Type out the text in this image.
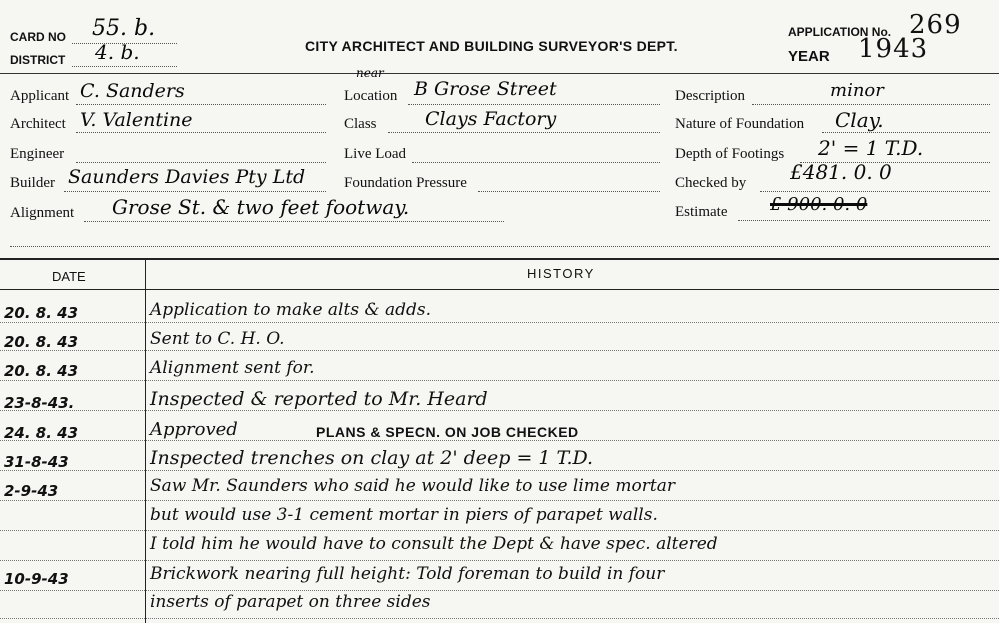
CARD NO 55. b.
DISTRICT 4. b.	CITY ARCHITECT AND BUILDING SURVEYOR'S DEPT.
APPLICATION No. 269
YEAR 1943
Applicant C. Sanders
Architect V. Valentine
Engineer
Builder Saunders Davies Pty Ltd
Alignment Grose St. & two feet footway.
Location
near
B Grose Street
Class	Clays Factory
Live Load
Foundation Pressure
Description	minor
Nature of Foundation Clay.
Depth of Footings 2' = 1 T.D.
Checked by £481. 0. 0
Estimate £ 900. 0. 0
DATE	HISTORY
20. 8. 43	Application to make alts & adds.
20. 8. 43	Sent to C. H. O.
20. 8. 43	Alignment sent for.
23-8-43.	Inspected & reported to Mr. Heard
24. 8. 43	Approved	PLANS & SPECN. ON JOB CHECKED
31-8-43	Inspected trenches on clay at 2' deep = 1 T.D.
2-9-43	Saw Mr. Saunders who said he would like to use lime mortar
but would use 3-1 cement mortar in piers of parapet walls.
I told him he would have to consult the Dept & have spec. altered
10-9-43	Brickwork nearing full height: Told foreman to build in four
inserts of parapet on three sides
